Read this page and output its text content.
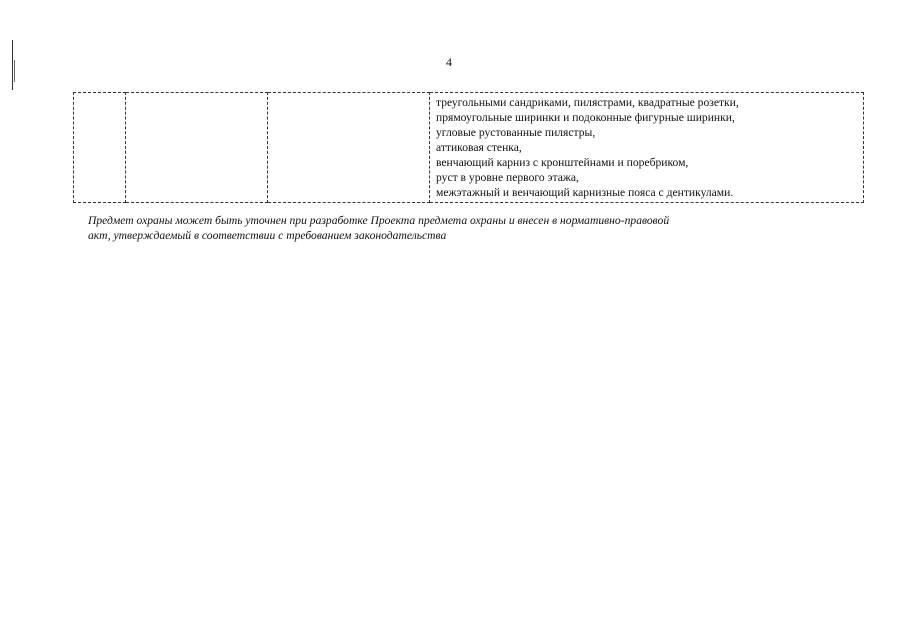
4

треугольными сандриками, пилястрами, квадратные розетки,
прямоугольные ширинки и подоконные фигурные ширинки,
угловые рустованные пилястры,
аттиковая стенка,
венчающий карниз с кронштейнами и поребриком,
руст в уровне первого этажа,
межэтажный и венчающий карнизные пояса с дентикулами.
Предмет охраны может быть уточнен при разработке Проекта предмета охраны и внесен в нормативно-правовой
акт, утверждаемый в соответствии с требованием законодательства
